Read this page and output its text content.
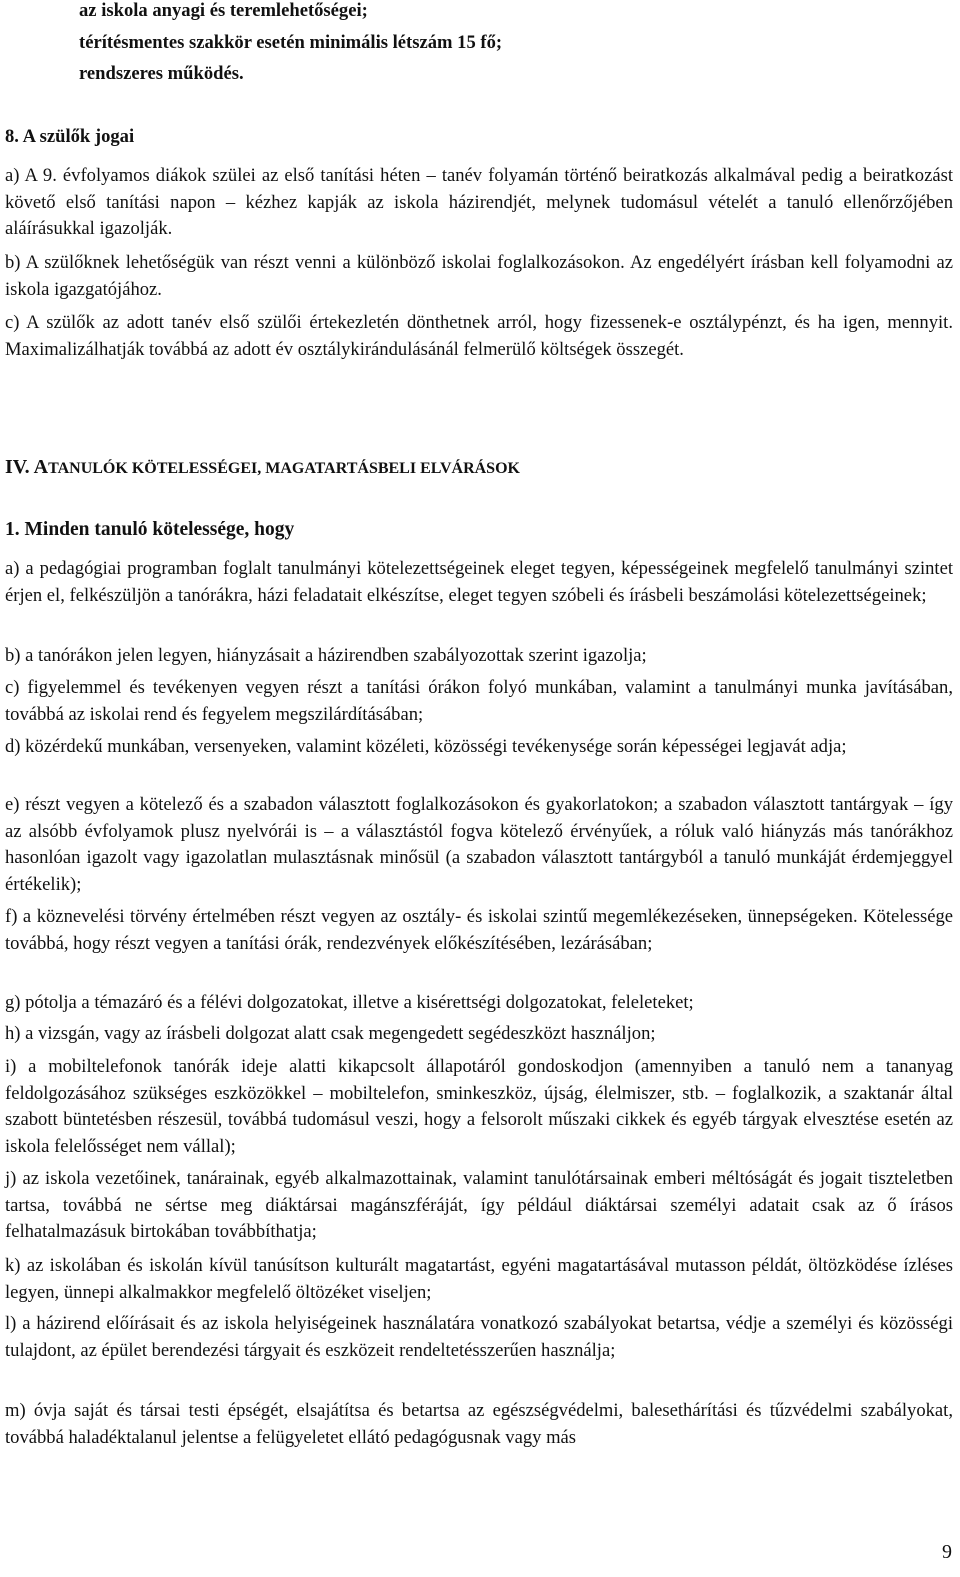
az iskola anyagi és teremlehetőségei;

térítésmentes szakkör esetén minimális létszám 15 fő;

rendszeres működés.

8. A szülők jogai

a) A 9. évfolyamos diákok szülei az első tanítási héten – tanév folyamán történő beiratkozás alkalmával pedig a beiratkozást követő első tanítási napon – kézhez kapják az iskola házirendjét, melynek tudomásul vételét a tanuló ellenőrzőjében aláírásukkal igazolják.

b) A szülőknek lehetőségük van részt venni a különböző iskolai foglalkozásokon. Az engedélyért írásban kell folyamodni az iskola igazgatójához.

c) A szülők az adott tanév első szülői értekezletén dönthetnek arról, hogy fizessenek-e osztálypénzt, és ha igen, mennyit. Maximalizálhatják továbbá az adott év osztálykirándulásánál felmerülő költségek összegét.

IV. ATANULÓK KÖTELESSÉGEI, MAGATARTÁSBELI ELVÁRÁSOK

1. Minden tanuló kötelessége, hogy

a) a pedagógiai programban foglalt tanulmányi kötelezettségeinek eleget tegyen, képességeinek megfelelő tanulmányi szintet érjen el, felkészüljön a tanórákra, házi feladatait elkészítse, eleget tegyen szóbeli és írásbeli beszámolási kötelezettségeinek;

b) a tanórákon jelen legyen, hiányzásait a házirendben szabályozottak szerint igazolja;

c) figyelemmel és tevékenyen vegyen részt a tanítási órákon folyó munkában, valamint a tanulmányi munka javításában, továbbá az iskolai rend és fegyelem megszilárdításában;

d) közérdekű munkában, versenyeken, valamint közéleti, közösségi tevékenysége során képességei legjavát adja;

e) részt vegyen a kötelező és a szabadon választott foglalkozásokon és gyakorlatokon; a szabadon választott tantárgyak – így az alsóbb évfolyamok plusz nyelvórái is – a választástól fogva kötelező érvényűek, a róluk való hiányzás más tanórákhoz hasonlóan igazolt vagy igazolatlan mulasztásnak minősül (a szabadon választott tantárgyból a tanuló munkáját érdemjeggyel értékelik);

f) a köznevelési törvény értelmében részt vegyen az osztály- és iskolai szintű megemlékezéseken, ünnepségeken. Kötelessége továbbá, hogy részt vegyen a tanítási órák, rendezvények előkészítésében, lezárásában;

g) pótolja a témazáró és a félévi dolgozatokat, illetve a kisérettségi dolgozatokat, feleleteket;

h) a vizsgán, vagy az írásbeli dolgozat alatt csak megengedett segédeszközt használjon;

i) a mobiltelefonok tanórák ideje alatti kikapcsolt állapotáról gondoskodjon (amennyiben a tanuló nem a tananyag feldolgozásához szükséges eszközökkel – mobiltelefon, sminkeszköz, újság, élelmiszer, stb. – foglalkozik, a szaktanár által szabott büntetésben részesül, továbbá tudomásul veszi, hogy a felsorolt műszaki cikkek és egyéb tárgyak elvesztése esetén az iskola felelősséget nem vállal);

j) az iskola vezetőinek, tanárainak, egyéb alkalmazottainak, valamint tanulótársainak emberi méltóságát és jogait tiszteletben tartsa, továbbá ne sértse meg diáktársai magánszféráját, így például diáktársai személyi adatait csak az ő írásos felhatalmazásuk birtokában továbbíthatja;

k) az iskolában és iskolán kívül tanúsítson kulturált magatartást, egyéni magatartásával mutasson példát, öltözködése ízléses legyen, ünnepi alkalmakkor megfelelő öltözéket viseljen;

l) a házirend előírásait és az iskola helyiségeinek használatára vonatkozó szabályokat betartsa, védje a személyi és közösségi tulajdont, az épület berendezési tárgyait és eszközeit rendeltetésszerűen használja;

m) óvja saját és társai testi épségét, elsajátítsa és betartsa az egészségvédelmi, balesethárítási és tűzvédelmi szabályokat, továbbá haladéktalanul jelentse a felügyeletet ellátó pedagógusnak vagy más

9
